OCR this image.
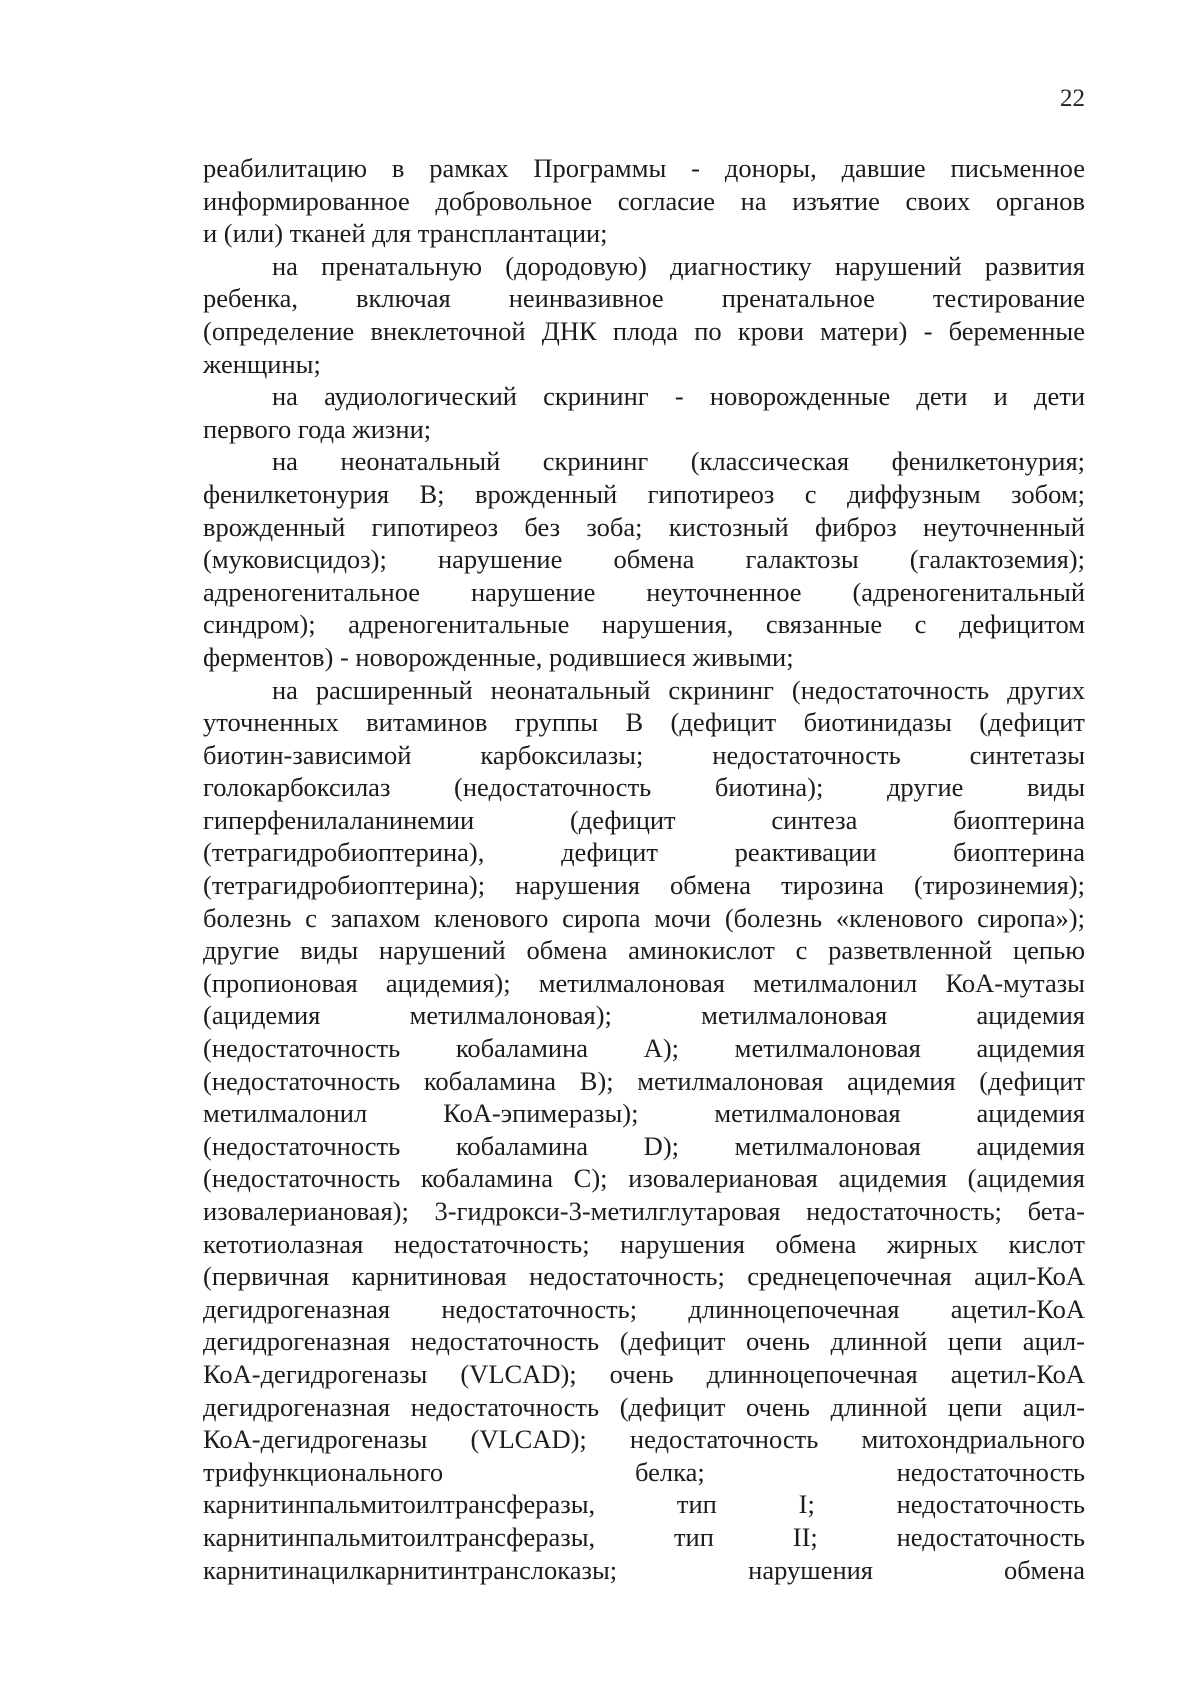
22
реабилитацию в рамках Программы - доноры, давшие письменное
информированное добровольное согласие на изъятие своих органов
и (или) тканей для трансплантации;
на пренатальную (дородовую) диагностику нарушений развития
ребенка, включая неинвазивное пренатальное тестирование
(определение внеклеточной ДНК плода по крови матери) - беременные
женщины;
на аудиологический скрининг - новорожденные дети и дети
первого года жизни;
на неонатальный скрининг (классическая фенилкетонурия;
фенилкетонурия В; врожденный гипотиреоз с диффузным зобом;
врожденный гипотиреоз без зоба; кистозный фиброз неуточненный
(муковисцидоз); нарушение обмена галактозы (галактоземия);
адреногенитальное нарушение неуточненное (адреногенитальный
синдром); адреногенитальные нарушения, связанные с дефицитом
ферментов) - новорожденные, родившиеся живыми;
на расширенный неонатальный скрининг (недостаточность других
уточненных витаминов группы В (дефицит биотинидазы (дефицит
биотин-зависимой карбоксилазы; недостаточность синтетазы
голокарбоксилаз (недостаточность биотина); другие виды
гиперфенилаланинемии (дефицит синтеза биоптерина
(тетрагидробиоптерина), дефицит реактивации биоптерина
(тетрагидробиоптерина); нарушения обмена тирозина (тирозинемия);
болезнь с запахом кленового сиропа мочи (болезнь «кленового сиропа»);
другие виды нарушений обмена аминокислот с разветвленной цепью
(пропионовая ацидемия); метилмалоновая метилмалонил КоА-мутазы
(ацидемия метилмалоновая); метилмалоновая ацидемия
(недостаточность кобаламина А); метилмалоновая ацидемия
(недостаточность кобаламина В); метилмалоновая ацидемия (дефицит
метилмалонил КоА-эпимеразы); метилмалоновая ацидемия
(недостаточность кобаламина D); метилмалоновая ацидемия
(недостаточность кобаламина С); изовалериановая ацидемия (ацидемия
изовалериановая); 3-гидрокси-3-метилглутаровая недостаточность; бета-
кетотиолазная недостаточность; нарушения обмена жирных кислот
(первичная карнитиновая недостаточность; среднецепочечная ацил-КоА
дегидрогеназная недостаточность; длинноцепочечная ацетил-КоА
дегидрогеназная недостаточность (дефицит очень длинной цепи ацил-
КоА-дегидрогеназы (VLCAD); очень длинноцепочечная ацетил-КоА
дегидрогеназная недостаточность (дефицит очень длинной цепи ацил-
КоА-дегидрогеназы (VLCAD); недостаточность митохондриального
трифункционального белка; недостаточность
карнитинпальмитоилтрансферазы, тип I; недостаточность
карнитинпальмитоилтрансферазы, тип II; недостаточность
карнитинацилкарнитинтранслоказы; нарушения обмена
